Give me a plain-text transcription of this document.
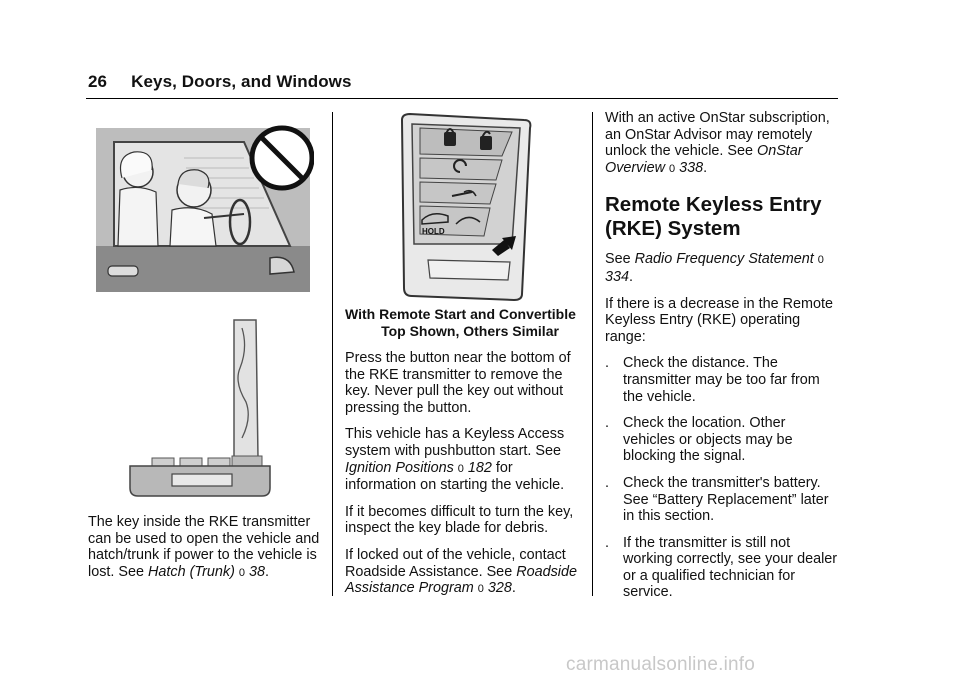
26 Keys, Doors, and Windows
HOLD

The key inside the RKE transmitter can be used to open the vehicle and hatch/trunk if power to the vehicle is lost. See Hatch (Trunk) 0 38.

With Remote Start and Convertible
Top Shown, Others Similar

Press the button near the bottom of the RKE transmitter to remove the key. Never pull the key out without pressing the button.

This vehicle has a Keyless Access system with pushbutton start. See Ignition Positions 0 182 for information on starting the vehicle.

If it becomes difficult to turn the key, inspect the key blade for debris.

If locked out of the vehicle, contact Roadside Assistance. See Roadside Assistance Program 0 328.

With an active OnStar subscription, an OnStar Advisor may remotely unlock the vehicle. See OnStar Overview 0 338.

Remote Keyless Entry (RKE) System

See Radio Frequency Statement 0 334.

If there is a decrease in the Remote Keyless Entry (RKE) operating range:

. Check the distance. The transmitter may be too far from the vehicle.
. Check the location. Other vehicles or objects may be blocking the signal.
. Check the transmitter's battery. See “Battery Replacement” later in this section.
. If the transmitter is still not working correctly, see your dealer or a qualified technician for service.
carmanualsonline.info
